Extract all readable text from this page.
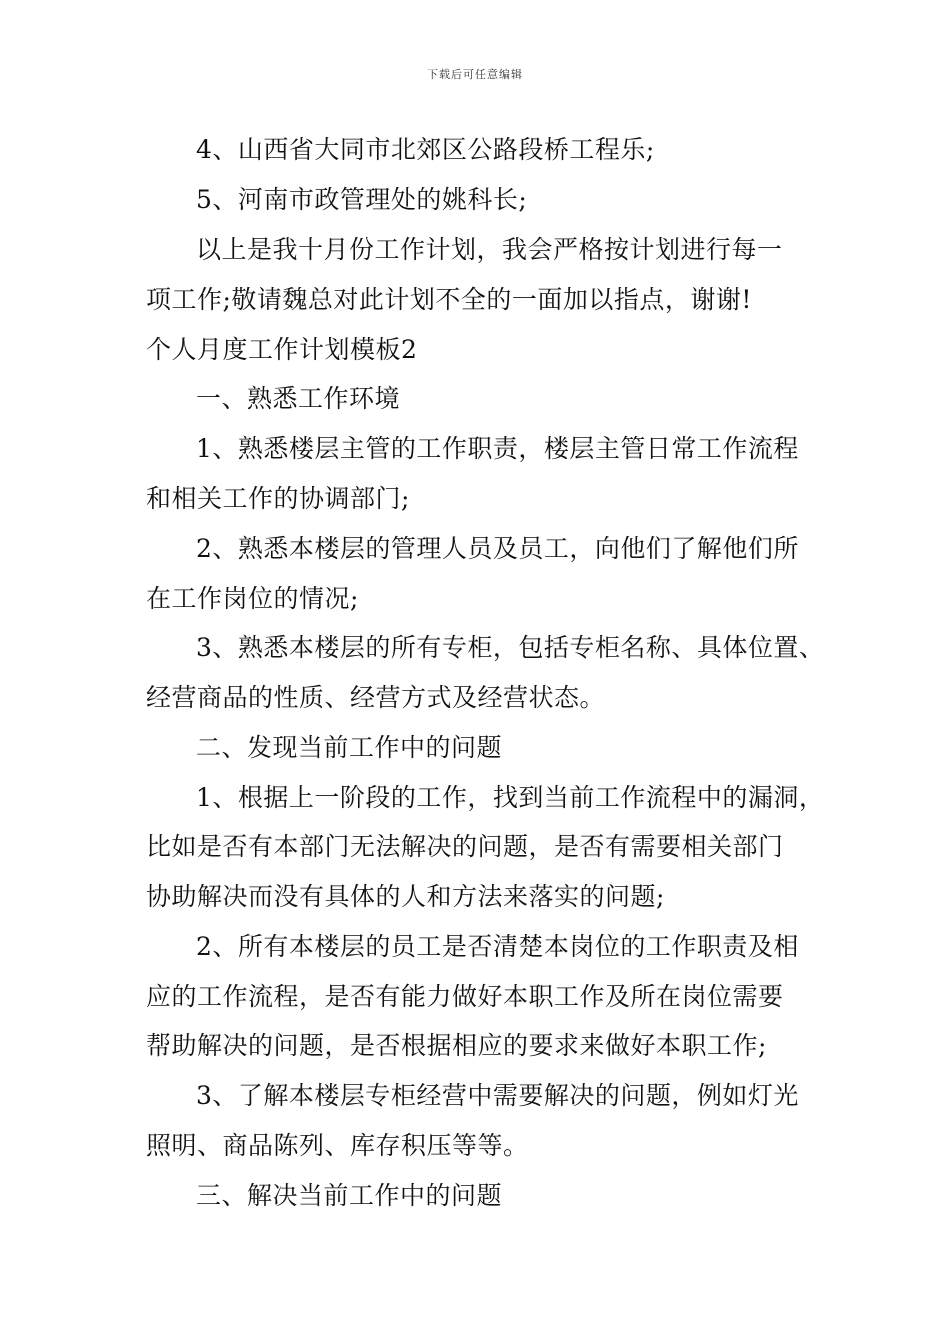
下载后可任意编辑
4、山西省大同市北郊区公路段桥工程乐;
5、河南市政管理处的姚科长;
以上是我十月份工作计划，我会严格按计划进行每一
项工作;敬请魏总对此计划不全的一面加以指点，谢谢!
个人月度工作计划模板2
一、熟悉工作环境
1、熟悉楼层主管的工作职责，楼层主管日常工作流程
和相关工作的协调部门;
2、熟悉本楼层的管理人员及员工，向他们了解他们所
在工作岗位的情况;
3、熟悉本楼层的所有专柜，包括专柜名称、具体位置、
经营商品的性质、经营方式及经营状态。
二、发现当前工作中的问题
1、根据上一阶段的工作，找到当前工作流程中的漏洞，
比如是否有本部门无法解决的问题，是否有需要相关部门
协助解决而没有具体的人和方法来落实的问题;
2、所有本楼层的员工是否清楚本岗位的工作职责及相
应的工作流程，是否有能力做好本职工作及所在岗位需要
帮助解决的问题，是否根据相应的要求来做好本职工作;
3、了解本楼层专柜经营中需要解决的问题，例如灯光
照明、商品陈列、库存积压等等。
三、解决当前工作中的问题
